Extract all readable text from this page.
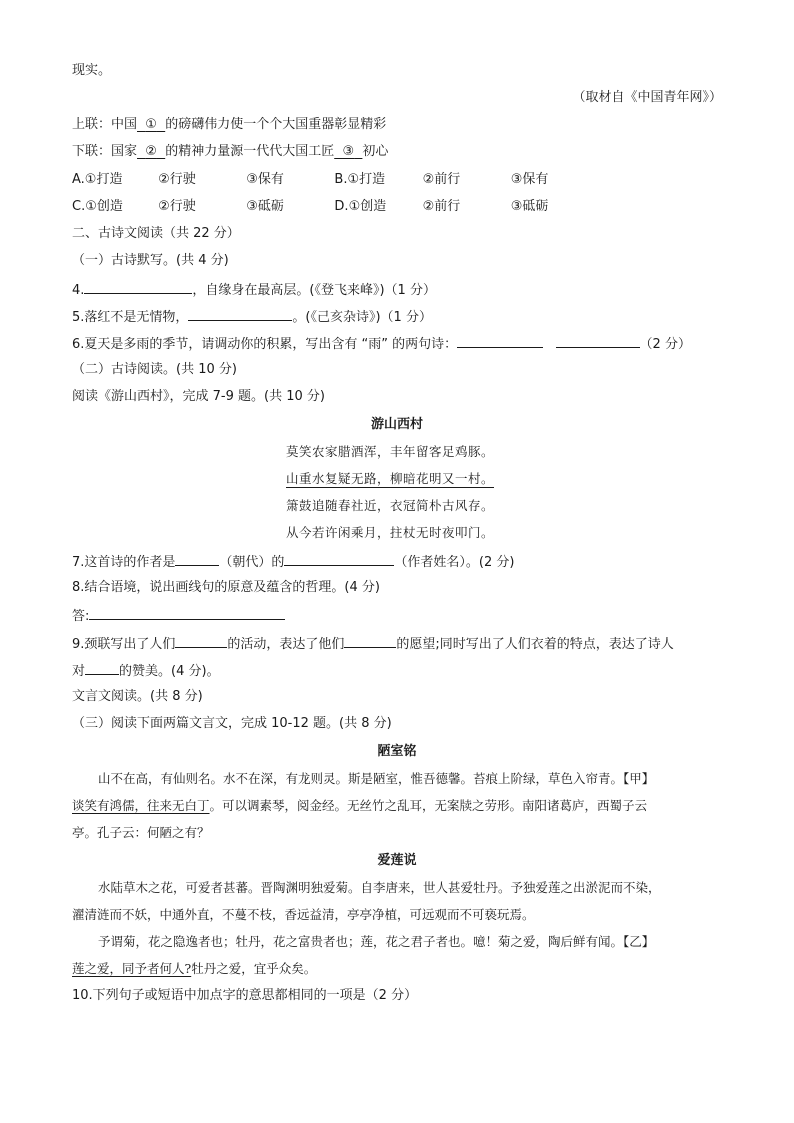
现实。
（取材自《中国青年网》）
上联：中国 ① 的磅礴伟力使一个个大国重器彰显精彩
下联：国家 ② 的精神力量源一代代大国工匠 ③ 初心
A.①打造	②行驶	③保有	B.①打造	②前行	③保有
C.①创造	②行驶	③砥砺	D.①创造	②前行	③砥砺
二、古诗文阅读（共 22 分）
（一）古诗默写。(共 4 分)
4.	，自缘身在最高层。(《登飞来峰》)（1 分）
5.落红不是无情物，	。(《己亥杂诗》)（1 分）
6.夏天是多雨的季节，请调动你的积累，写出含有 “雨” 的两句诗：	（2 分）
（二）古诗阅读。(共 10 分)
阅读《游山西村》，完成 7-9 题。(共 10 分)
游山西村
莫笑农家腊酒浑，丰年留客足鸡豚。
山重水复疑无路，柳暗花明又一村。
箫鼓追随春社近，衣冠简朴古风存。
从今若许闲乘月，拄杖无时夜叩门。
7.这首诗的作者是	（朝代）的	（作者姓名）。(2 分)
8.结合语境，说出画线句的原意及蕴含的哲理。(4 分)
答:
9.颈联写出了人们	的活动，表达了他们	的愿望;同时写出了人们衣着的特点，表达了诗人
对	的赞美。(4 分)。
文言文阅读。(共 8 分)
（三）阅读下面两篇文言文，完成 10-12 题。(共 8 分)
陋室铭
山不在高，有仙则名。水不在深，有龙则灵。斯是陋室，惟吾德馨。苔痕上阶绿，草色入帘青。【甲】
谈笑有鸿儒，往来无白丁。可以调素琴，阅金经。无丝竹之乱耳，无案牍之劳形。南阳诸葛庐，西蜀子云
亭。孔子云：何陋之有？
爱莲说
水陆草木之花，可爱者甚蕃。晋陶渊明独爱菊。自李唐来，世人甚爱牡丹。予独爱莲之出淤泥而不染，
濯清涟而不妖，中通外直，不蔓不枝，香远益清，亭亭净植，可远观而不可亵玩焉。
予谓菊，花之隐逸者也；牡丹，花之富贵者也；莲，花之君子者也。噫！菊之爱，陶后鲜有闻。【乙】
莲之爱，同予者何人?牡丹之爱，宜乎众矣。
10.下列句子或短语中加点字的意思都相同的一项是（2 分）
